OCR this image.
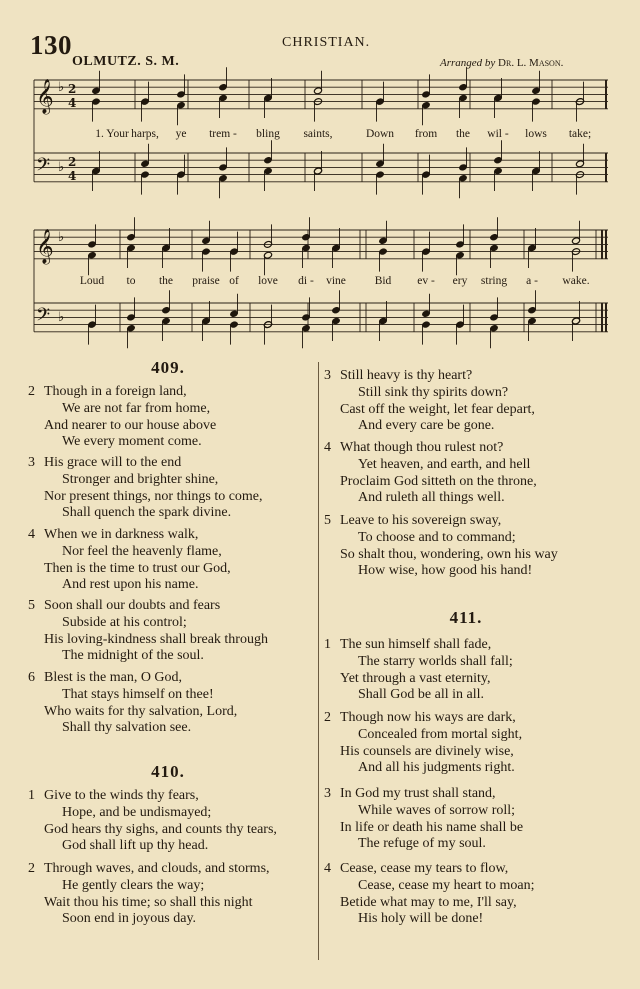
130	CHRISTIAN.
OLMUTZ. S. M.	Arranged by Dr. L. Mason.
𝄞 ♭ 2
4
𝄢 ♭ 2
4
𝄞 ♭
𝄢 ♭
1. Your harps, ye trem - bling saints,	Down from the wil - lows take;
Loud to the praise of love di - vine	Bid ev - ery string a - wake.
409.
410.
411.
2 Though in a foreign land,
We are not far from home,
And nearer to our house above
We every moment come.
3 His grace will to the end
Stronger and brighter shine,
Nor present things, nor things to come,
Shall quench the spark divine.
4 When we in darkness walk,
Nor feel the heavenly flame,
Then is the time to trust our God,
And rest upon his name.
5 Soon shall our doubts and fears
Subside at his control;
His loving-kindness shall break through
The midnight of the soul.
6 Blest is the man, O God,
That stays himself on thee!
Who waits for thy salvation, Lord,
Shall thy salvation see.
1 Give to the winds thy fears,
Hope, and be undismayed;
God hears thy sighs, and counts thy tears,
God shall lift up thy head.
2 Through waves, and clouds, and storms,
He gently clears the way;
Wait thou his time; so shall this night
Soon end in joyous day.
3 Still heavy is thy heart?
Still sink thy spirits down?
Cast off the weight, let fear depart,
And every care be gone.
4 What though thou rulest not?
Yet heaven, and earth, and hell
Proclaim God sitteth on the throne,
And ruleth all things well.
5 Leave to his sovereign sway,
To choose and to command;
So shalt thou, wondering, own his way
How wise, how good his hand!
1 The sun himself shall fade,
The starry worlds shall fall;
Yet through a vast eternity,
Shall God be all in all.
2 Though now his ways are dark,
Concealed from mortal sight,
His counsels are divinely wise,
And all his judgments right.
3 In God my trust shall stand,
While waves of sorrow roll;
In life or death his name shall be
The refuge of my soul.
4 Cease, cease my tears to flow,
Cease, cease my heart to moan;
Betide what may to me, I'll say,
His holy will be done!
